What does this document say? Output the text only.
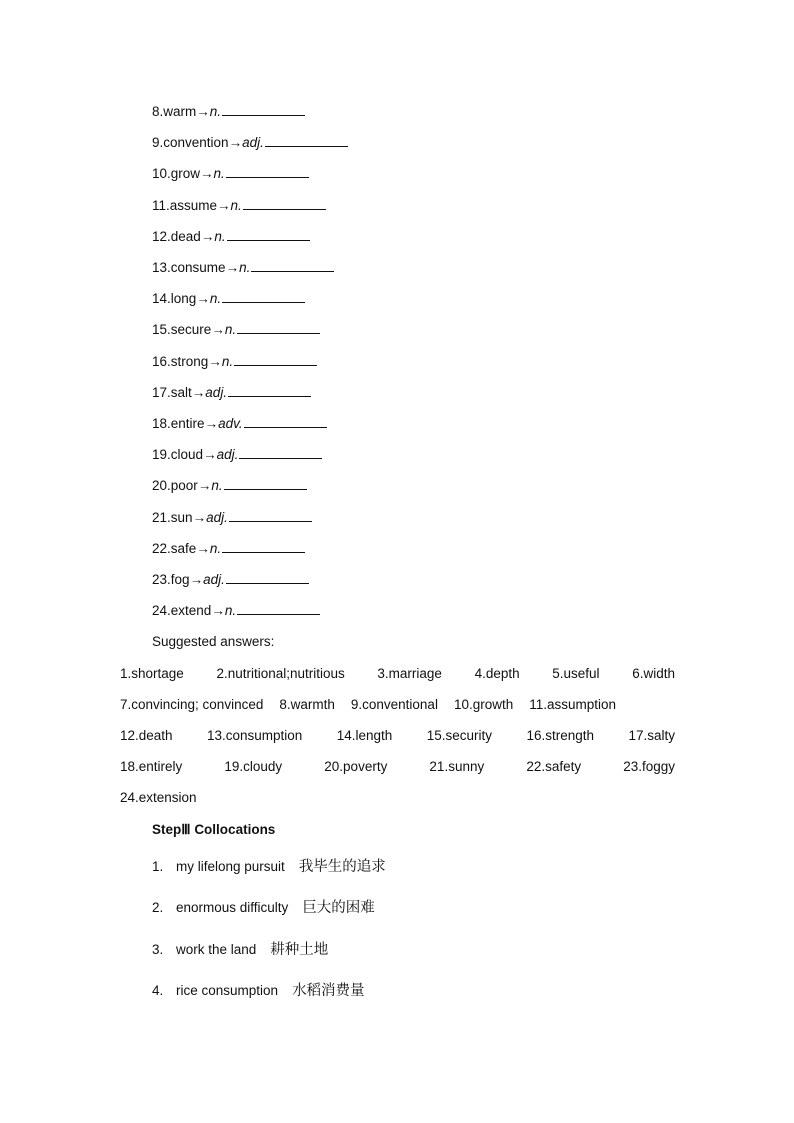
8.warm→n.
9.convention→adj.
10.grow→n.
11.assume→n.
12.dead→n.
13.consume→n.
14.long→n.
15.secure→n.
16.strong→n.
17.salt→adj.
18.entire→adv.
19.cloud→adj.
20.poor→n.
21.sun→adj.
22.safe→n.
23.fog→adj.
24.extend→n.
Suggested answers:
1.shortage 2.nutritional;nutritious 3.marriage 4.depth 5.useful 6.width
7.convincing; convinced 8.warmth 9.conventional 10.growth 11.assumption
12.death	13.consumption	14.length	15.security	16.strength	17.salty
18.entirely	19.cloudy	20.poverty	21.sunny	22.safety	23.foggy
24.extension
StepⅢ Collocations
1. my lifelong pursuit 我毕生的追求
2. enormous difficulty 巨大的困难
3. work the land 耕种土地
4. rice consumption 水稻消费量
